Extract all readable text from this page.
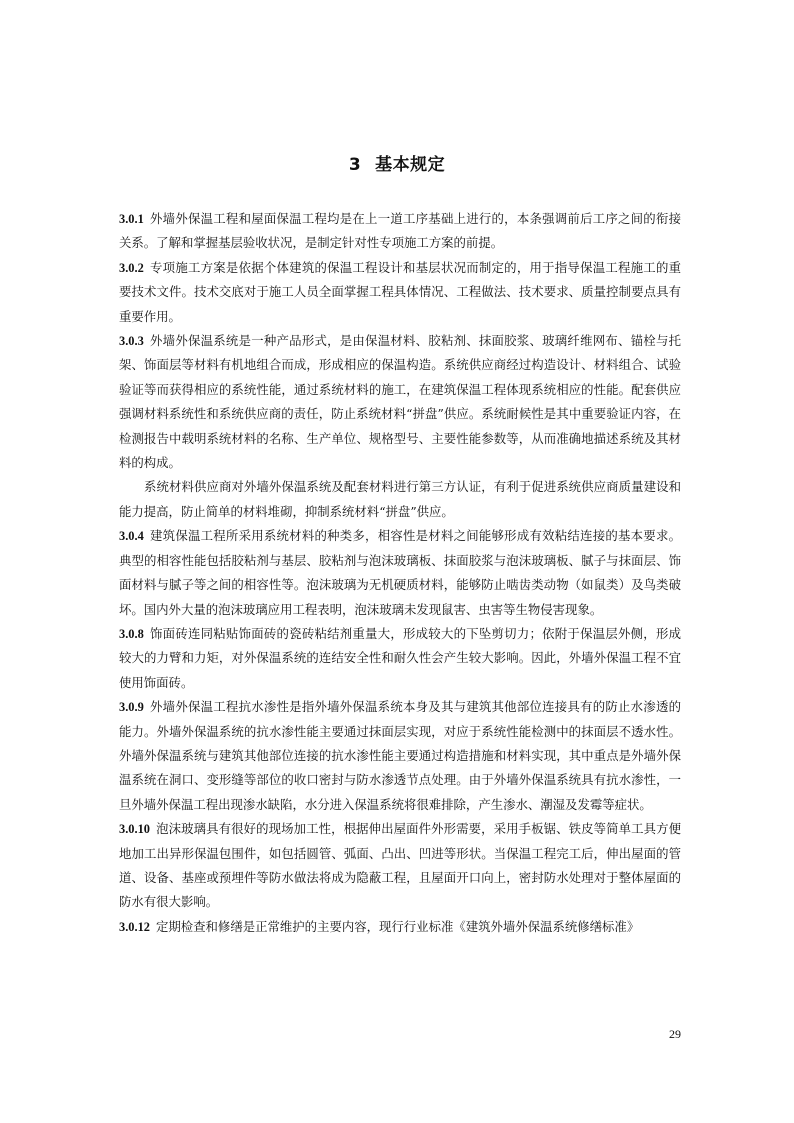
3 基本规定

3.0.1 外墙外保温工程和屋面保温工程均是在上一道工序基础上进行的，本条强调前后工序之间的衔接关系。了解和掌握基层验收状况，是制定针对性专项施工方案的前提。

3.0.2 专项施工方案是依据个体建筑的保温工程设计和基层状况而制定的，用于指导保温工程施工的重要技术文件。技术交底对于施工人员全面掌握工程具体情况、工程做法、技术要求、质量控制要点具有重要作用。

3.0.3 外墙外保温系统是一种产品形式，是由保温材料、胶粘剂、抹面胶浆、玻璃纤维网布、锚栓与托架、饰面层等材料有机地组合而成，形成相应的保温构造。系统供应商经过构造设计、材料组合、试验验证等而获得相应的系统性能，通过系统材料的施工，在建筑保温工程体现系统相应的性能。配套供应强调材料系统性和系统供应商的责任，防止系统材料“拼盘”供应。系统耐候性是其中重要验证内容，在检测报告中载明系统材料的名称、生产单位、规格型号、主要性能参数等，从而准确地描述系统及其材料的构成。

系统材料供应商对外墙外保温系统及配套材料进行第三方认证，有利于促进系统供应商质量建设和能力提高，防止简单的材料堆砌，抑制系统材料“拼盘”供应。

3.0.4 建筑保温工程所采用系统材料的种类多，相容性是材料之间能够形成有效粘结连接的基本要求。典型的相容性能包括胶粘剂与基层、胶粘剂与泡沫玻璃板、抹面胶浆与泡沫玻璃板、腻子与抹面层、饰面材料与腻子等之间的相容性等。泡沫玻璃为无机硬质材料，能够防止啮齿类动物（如鼠类）及鸟类破坏。国内外大量的泡沫玻璃应用工程表明，泡沫玻璃未发现鼠害、虫害等生物侵害现象。

3.0.8 饰面砖连同粘贴饰面砖的瓷砖粘结剂重量大，形成较大的下坠剪切力；依附于保温层外侧，形成较大的力臂和力矩，对外保温系统的连结安全性和耐久性会产生较大影响。因此，外墙外保温工程不宜使用饰面砖。

3.0.9 外墙外保温工程抗水渗性是指外墙外保温系统本身及其与建筑其他部位连接具有的防止水渗透的能力。外墙外保温系统的抗水渗性能主要通过抹面层实现，对应于系统性能检测中的抹面层不透水性。外墙外保温系统与建筑其他部位连接的抗水渗性能主要通过构造措施和材料实现，其中重点是外墙外保温系统在洞口、变形缝等部位的收口密封与防水渗透节点处理。由于外墙外保温系统具有抗水渗性，一旦外墙外保温工程出现渗水缺陷，水分进入保温系统将很难排除，产生渗水、潮湿及发霉等症状。

3.0.10 泡沫玻璃具有很好的现场加工性，根据伸出屋面件外形需要，采用手板锯、铁皮等简单工具方便地加工出异形保温包围件，如包括圆管、弧面、凸出、凹进等形状。当保温工程完工后，伸出屋面的管道、设备、基座或预埋件等防水做法将成为隐蔽工程，且屋面开口向上，密封防水处理对于整体屋面的防水有很大影响。

3.0.12 定期检查和修缮是正常维护的主要内容，现行行业标准《建筑外墙外保温系统修缮标准》

29
